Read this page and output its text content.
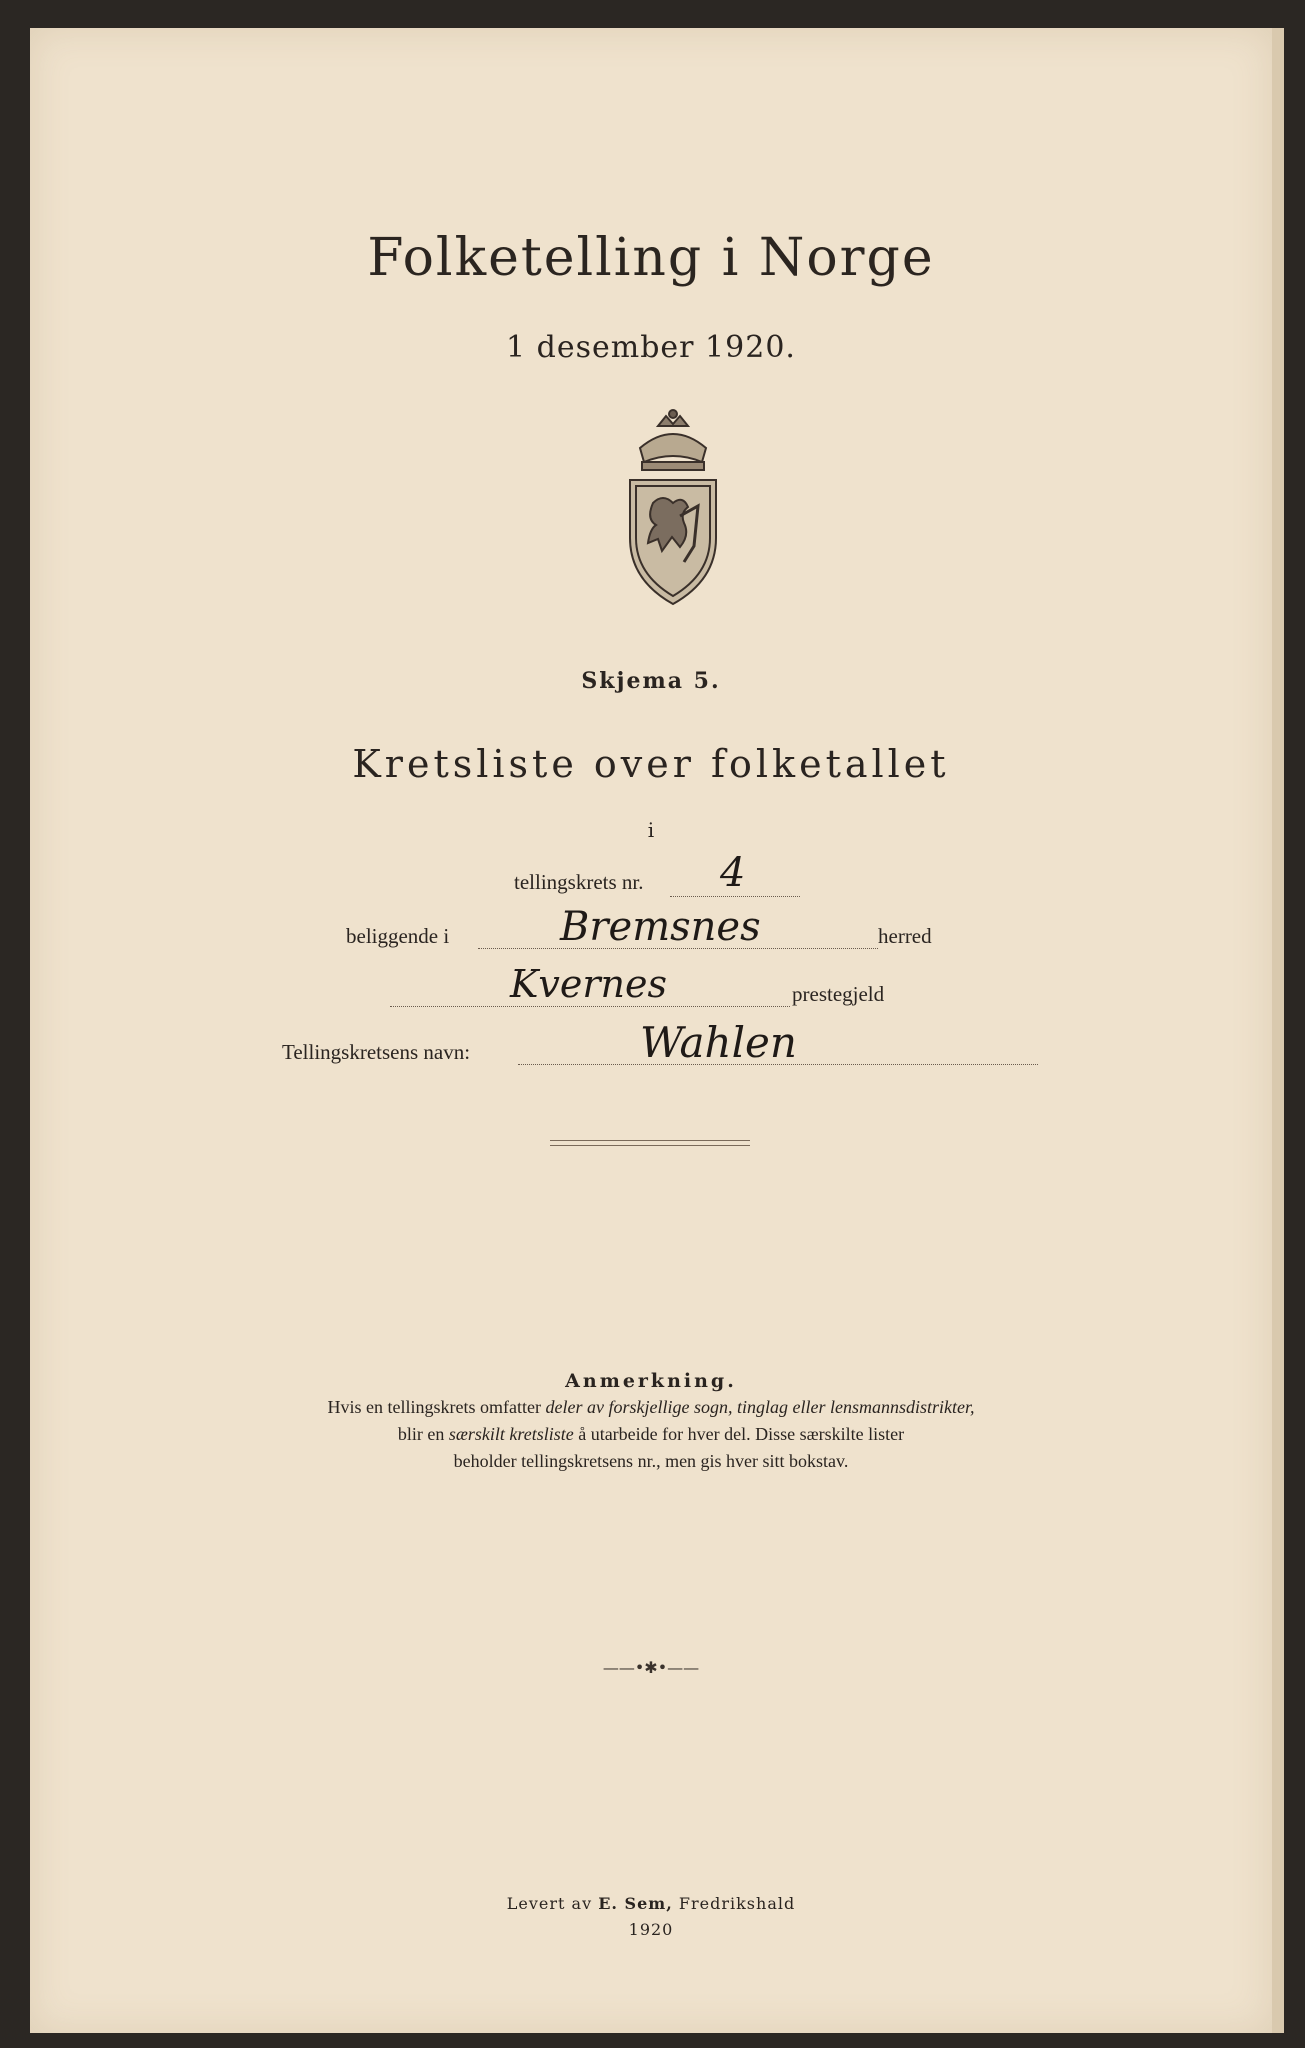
Folketelling i Norge
1 desember 1920.
Skjema 5.
Kretsliste over folketallet
i
tellingskrets nr. 4
beliggende i	Bremsnes	herred
Kvernes	prestegjeld
Tellingskretsens navn:	Wahlen
Anmerkning.
Hvis en tellingskrets omfatter deler av forskjellige sogn, tinglag eller lensmannsdistrikter,
blir en særskilt kretsliste å utarbeide for hver del. Disse særskilte lister
beholder tellingskretsens nr., men gis hver sitt bokstav.
——•✱•——
Levert av E. Sem, Fredrikshald
1920
